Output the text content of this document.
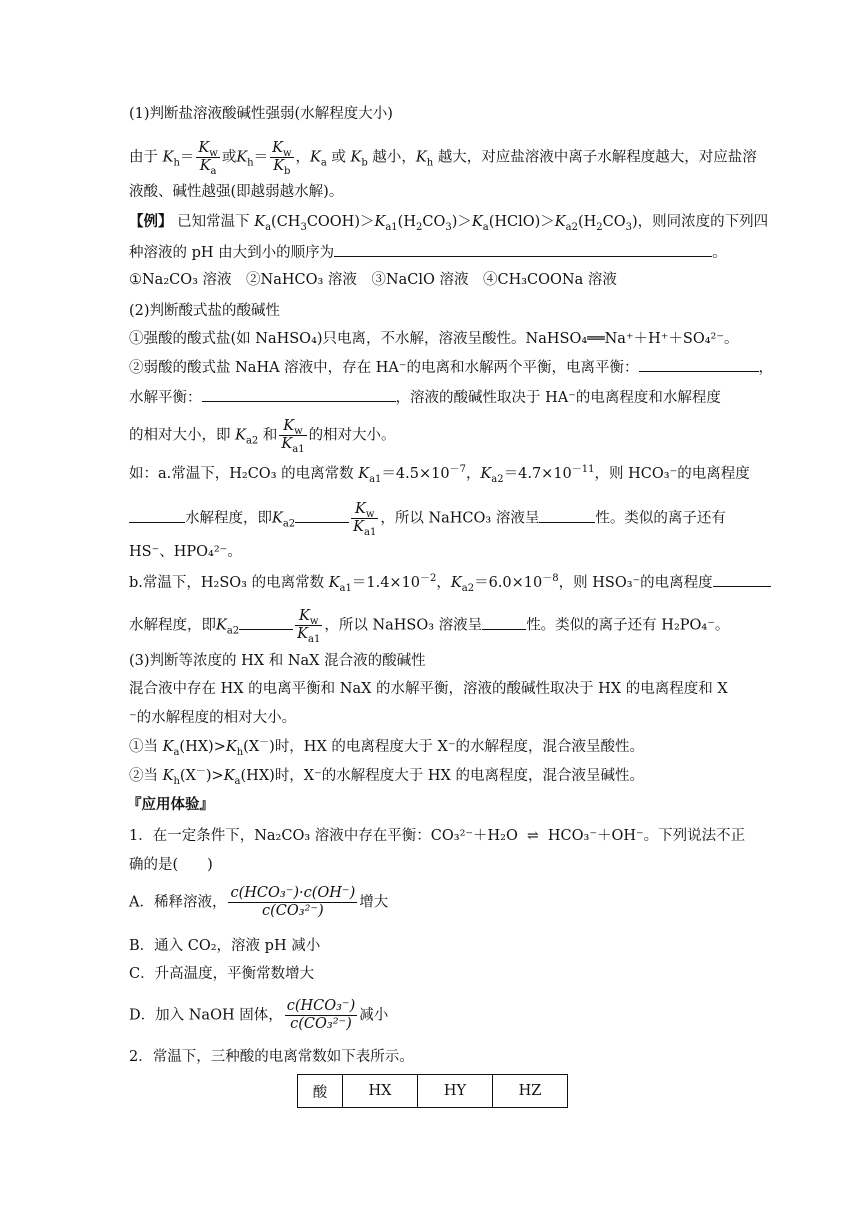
(1)判断盐溶液酸碱性强弱(水解程度大小)
由于 $K_h= \frac{K_w}{K_a}$ 或$K_h= \frac{K_w}{K_b}$ ，$K_a$ 或 $K_b$ 越小，$K_h$ 越大，对应盐溶液中离子水解程度越大，对应盐溶
液酸、碱性越强(即越弱越水解)。
【例】 已知常温下 $K_a(CH_3COOH)>K_{a1}(H_2CO_3)>K_a(HClO)>K_{a2}(H_2CO_3)$，则同浓度的下列四
种溶液的 pH 由大到小的顺序为	。
①Na₂CO₃ 溶液　②NaHCO₃ 溶液　③NaClO 溶液　④CH₃COONa 溶液
(2)判断酸式盐的酸碱性
①强酸的酸式盐(如 NaHSO₄)只电离，不水解，溶液呈酸性。NaHSO₄══Na⁺＋H⁺＋SO₄²⁻。
②弱酸的酸式盐 NaHA 溶液中，存在 HA⁻的电离和水解两个平衡，电离平衡：	，
水解平衡：	，溶液的酸碱性取决于 HA⁻的电离程度和水解程度
的相对大小，即 $K_{a2}$ 和 $\frac{K_w}{K_{a1}}$ 的相对大小。
如：a.常温下，H₂CO₃ 的电离常数 $K_{a1}=4.5\times 10^{-7}$，$K_{a2}=4.7\times 10^{-11}$，则 HCO₃⁻的电离程度
水解程度，即$K_{a2}$	$\frac{K_w}{K_{a1}}$ ，所以 NaHCO₃ 溶液呈	性。类似的离子还有
HS⁻、HPO₄²⁻。
b.常温下，H₂SO₃ 的电离常数 $K_{a1}=1.4\times 10^{-2}$，$K_{a2}=6.0\times 10^{-8}$，则 HSO₃⁻的电离程度
水解程度，即$K_{a2}$	$\frac{K_w}{K_{a1}}$ ，所以 NaHSO₃ 溶液呈	性。类似的离子还有 H₂PO₄⁻。
(3)判断等浓度的 HX 和 NaX 混合液的酸碱性
混合液中存在 HX 的电离平衡和 NaX 的水解平衡，溶液的酸碱性取决于 HX 的电离程度和 X
⁻的水解程度的相对大小。
①当 $K_a(HX)>K_h(X^-)$时，HX 的电离程度大于 X⁻的水解程度，混合液呈酸性。
②当 $K_h(X^-)>K_a(HX)$时，X⁻的水解程度大于 HX 的电离程度，混合液呈碱性。
『应用体验』
1．在一定条件下，Na₂CO₃ 溶液中存在平衡：CO₃²⁻＋H₂O ⇌ HCO₃⁻＋OH⁻。下列说法不正
确的是(　　)
A．稀释溶液， $\frac{\text{c(HCO₃⁻)·c(OH⁻)}}{\text{c(CO₃²⁻)}}$ 增大
B．通入 CO₂，溶液 pH 减小
C．升高温度，平衡常数增大
D．加入 NaOH 固体， $\frac{\text{c(HCO₃⁻)}}{\text{c(CO₃²⁻)}}$ 减小
2．常温下，三种酸的电离常数如下表所示。
酸	HX	HY	HZ
